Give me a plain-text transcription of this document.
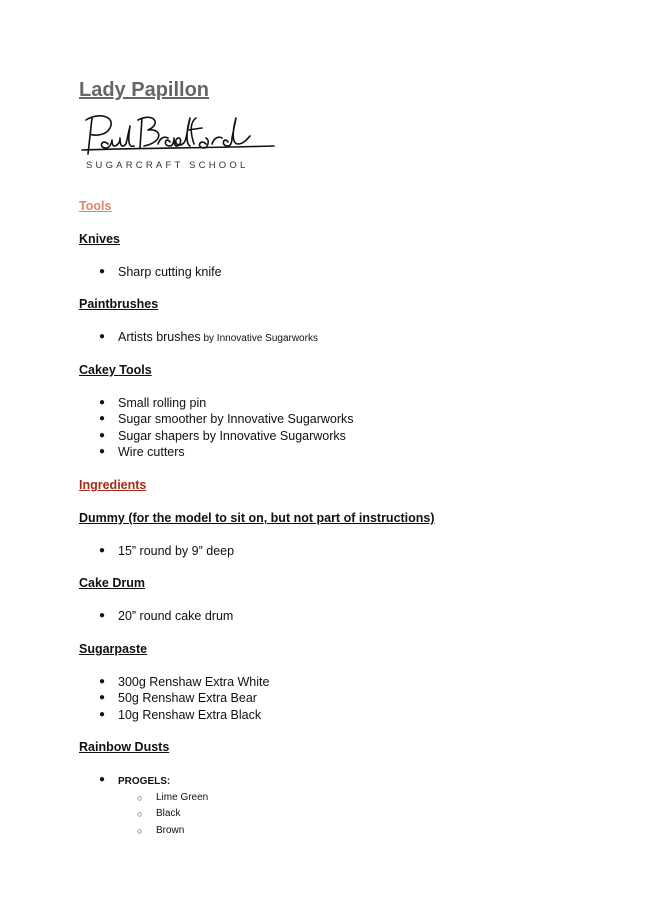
Lady Papillon
SUGARCRAFT SCHOOL
Tools
Knives
● Sharp cutting knife
Paintbrushes
● Artists brushes by Innovative Sugarworks
Cakey Tools
● Small rolling pin
● Sugar smoother by Innovative Sugarworks
● Sugar shapers by Innovative Sugarworks
● Wire cutters
Ingredients
Dummy (for the model to sit on, but not part of instructions)
● 15” round by 9” deep
Cake Drum
● 20” round cake drum
Sugarpaste
● 300g Renshaw Extra White
● 50g Renshaw Extra Bear
● 10g Renshaw Extra Black
Rainbow Dusts
● PROGELS:
○ Lime Green
○ Black
○ Brown
